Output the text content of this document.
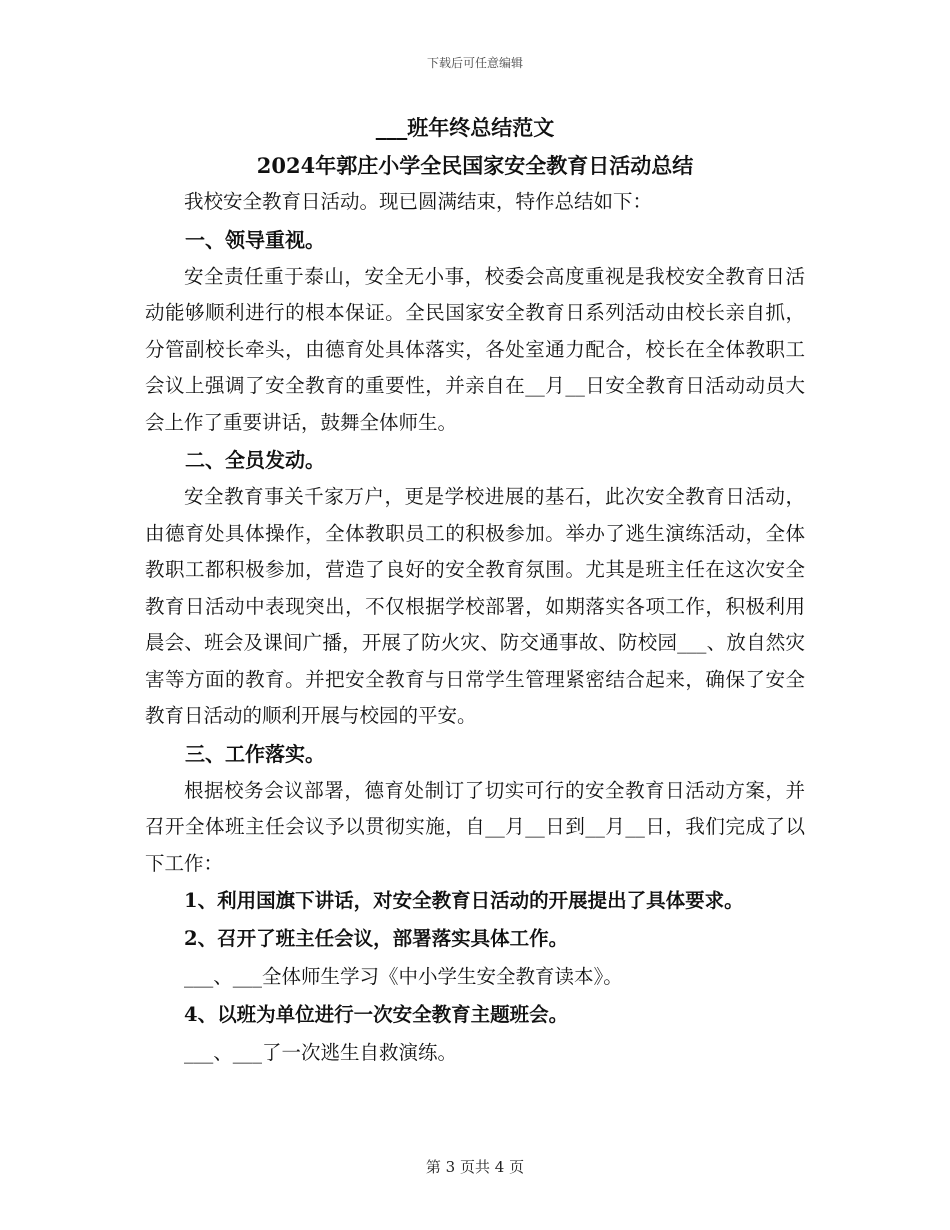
下载后可任意编辑

___班年终总结范文

2024年郭庄小学全民国家安全教育日活动总结

我校安全教育日活动。现已圆满结束，特作总结如下：

一、领导重视。

安全责任重于泰山，安全无小事，校委会高度重视是我校安全教育日活动能够顺利进行的根本保证。全民国家安全教育日系列活动由校长亲自抓，分管副校长牵头，由德育处具体落实，各处室通力配合，校长在全体教职工会议上强调了安全教育的重要性，并亲自在__月__日安全教育日活动动员大会上作了重要讲话，鼓舞全体师生。

二、全员发动。

安全教育事关千家万户，更是学校进展的基石，此次安全教育日活动，由德育处具体操作，全体教职员工的积极参加。举办了逃生演练活动，全体教职工都积极参加，营造了良好的安全教育氛围。尤其是班主任在这次安全教育日活动中表现突出，不仅根据学校部署，如期落实各项工作，积极利用晨会、班会及课间广播，开展了防火灾、防交通事故、防校园___、放自然灾害等方面的教育。并把安全教育与日常学生管理紧密结合起来，确保了安全教育日活动的顺利开展与校园的平安。

三、工作落实。

根据校务会议部署，德育处制订了切实可行的安全教育日活动方案，并召开全体班主任会议予以贯彻实施，自__月__日到__月__日，我们完成了以下工作：

1、利用国旗下讲话，对安全教育日活动的开展提出了具体要求。

2、召开了班主任会议，部署落实具体工作。

___、___全体师生学习《中小学生安全教育读本》。

4、以班为单位进行一次安全教育主题班会。

___、___了一次逃生自救演练。

第 3 页共 4 页
